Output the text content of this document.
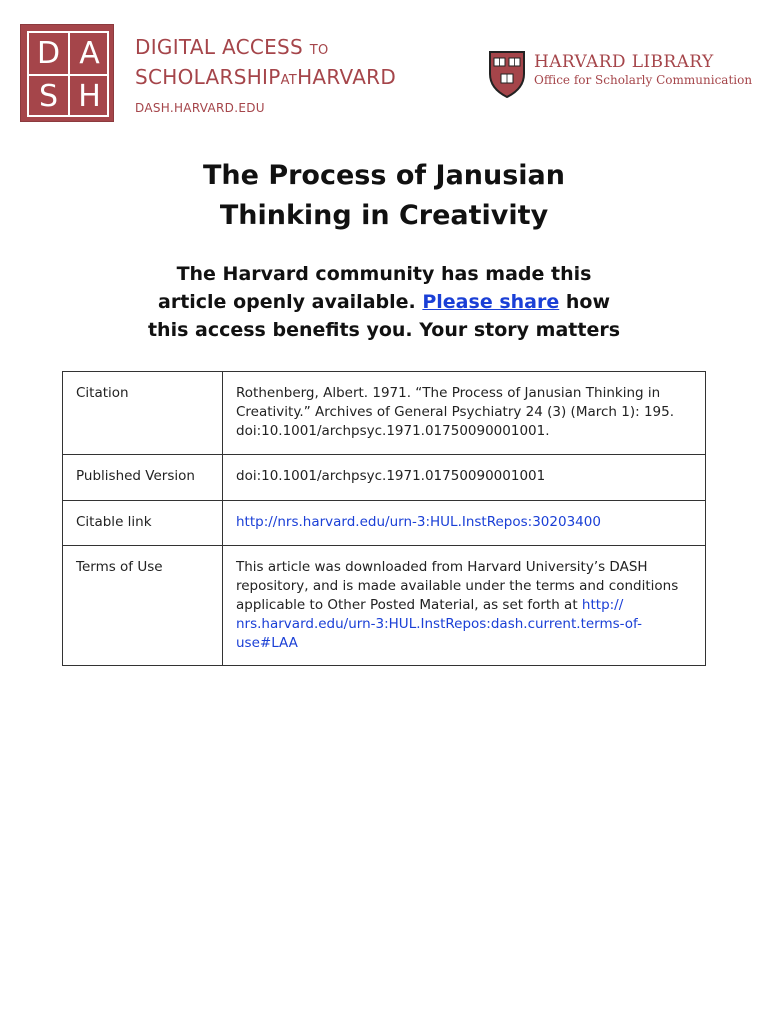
D A
S H
DIGITAL ACCESS TO
SCHOLARSHIPATHARVARD
DASH.HARVARD.EDU
HARVARD LIBRARY
Office for Scholarly Communication
The Process of Janusian
Thinking in Creativity
The Harvard community has made this
article openly available. Please share how
this access benefits you. Your story matters
Citation	Rothenberg, Albert. 1971. “The Process of Janusian Thinking in
Creativity.” Archives of General Psychiatry 24 (3) (March 1): 195.
doi:10.1001/archpsyc.1971.01750090001001.

Published Version	doi:10.1001/archpsyc.1971.01750090001001
Citable link	http://nrs.harvard.edu/urn-3:HUL.InstRepos:30203400
Terms of Use	This article was downloaded from Harvard University’s DASH
repository, and is made available under the terms and conditions
applicable to Other Posted Material, as set forth at http://
nrs.harvard.edu/urn-3:HUL.InstRepos:dash.current.terms-of-
use#LAA
